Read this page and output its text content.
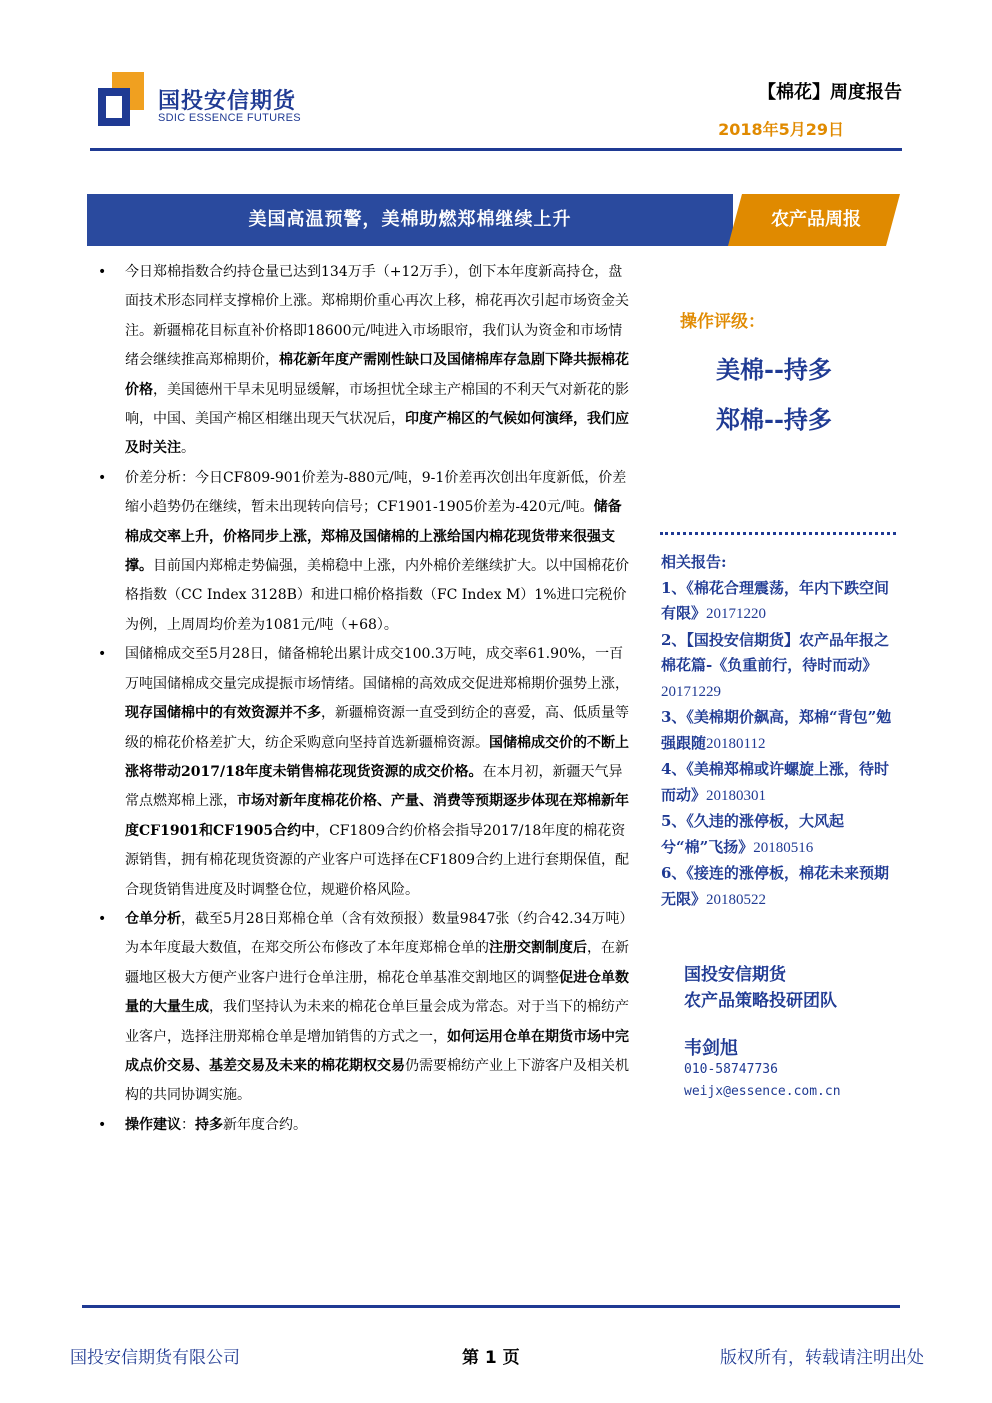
国投安信期货
SDIC ESSENCE FUTURES
【棉花】周度报告
2018年5月29日
美国高温预警，美棉助燃郑棉继续上升	农产品周报
• 今日郑棉指数合约持仓量已达到134万手（+12万手），创下本年度新高持仓，盘面技术形态同样支撑棉价上涨。郑棉期价重心再次上移，棉花再次引起市场资金关注。新疆棉花目标直补价格即18600元/吨进入市场眼帘，我们认为资金和市场情绪会继续推高郑棉期价，棉花新年度产需刚性缺口及国储棉库存急剧下降共振棉花价格，美国德州干旱未见明显缓解，市场担忧全球主产棉国的不利天气对新花的影响，中国、美国产棉区相继出现天气状况后，印度产棉区的气候如何演绎，我们应及时关注。
• 价差分析：今日CF809-901价差为-880元/吨，9-1价差再次创出年度新低，价差缩小趋势仍在继续，暂未出现转向信号；CF1901-1905价差为-420元/吨。储备棉成交率上升，价格同步上涨，郑棉及国储棉的上涨给国内棉花现货带来很强支撑。目前国内郑棉走势偏强，美棉稳中上涨，内外棉价差继续扩大。以中国棉花价格指数（CC Index 3128B）和进口棉价格指数（FC Index M）1%进口完税价为例，上周周均价差为1081元/吨（+68）。
• 国储棉成交至5月28日，储备棉轮出累计成交100.3万吨，成交率61.90%，一百万吨国储棉成交量完成提振市场情绪。国储棉的高效成交促进郑棉期价强势上涨，现存国储棉中的有效资源并不多，新疆棉资源一直受到纺企的喜爱，高、低质量等级的棉花价格差扩大，纺企采购意向坚持首选新疆棉资源。国储棉成交价的不断上涨将带动2017/18年度未销售棉花现货资源的成交价格。在本月初，新疆天气异常点燃郑棉上涨，市场对新年度棉花价格、产量、消费等预期逐步体现在郑棉新年度CF1901和CF1905合约中，CF1809合约价格会指导2017/18年度的棉花资源销售，拥有棉花现货资源的产业客户可选择在CF1809合约上进行套期保值，配合现货销售进度及时调整仓位，规避价格风险。
• 仓单分析，截至5月28日郑棉仓单（含有效预报）数量9847张（约合42.34万吨）为本年度最大数值，在郑交所公布修改了本年度郑棉仓单的注册交割制度后，在新疆地区极大方便产业客户进行仓单注册，棉花仓单基准交割地区的调整促进仓单数量的大量生成，我们坚持认为未来的棉花仓单巨量会成为常态。对于当下的棉纺产业客户，选择注册郑棉仓单是增加销售的方式之一，如何运用仓单在期货市场中完成点价交易、基差交易及未来的棉花期权交易仍需要棉纺产业上下游客户及相关机构的共同协调实施。
• 操作建议：持多新年度合约。
操作评级：
美棉--持多
郑棉--持多
相关报告:
1、《棉花合理震荡，年内下跌空间有限》20171220
2、【国投安信期货】农产品年报之棉花篇-《负重前行，待时而动》20171229
3、《美棉期价飙高，郑棉“背包”勉强跟随20180112
4、《美棉郑棉或许螺旋上涨，待时而动》20180301
5、《久违的涨停板，大风起兮“棉”飞扬》20180516
6、《接连的涨停板，棉花未来预期无限》20180522
国投安信期货
农产品策略投研团队
韦剑旭
010-58747736
weijx@essence.com.cn
国投安信期货有限公司	第 1 页	版权所有，转载请注明出处
